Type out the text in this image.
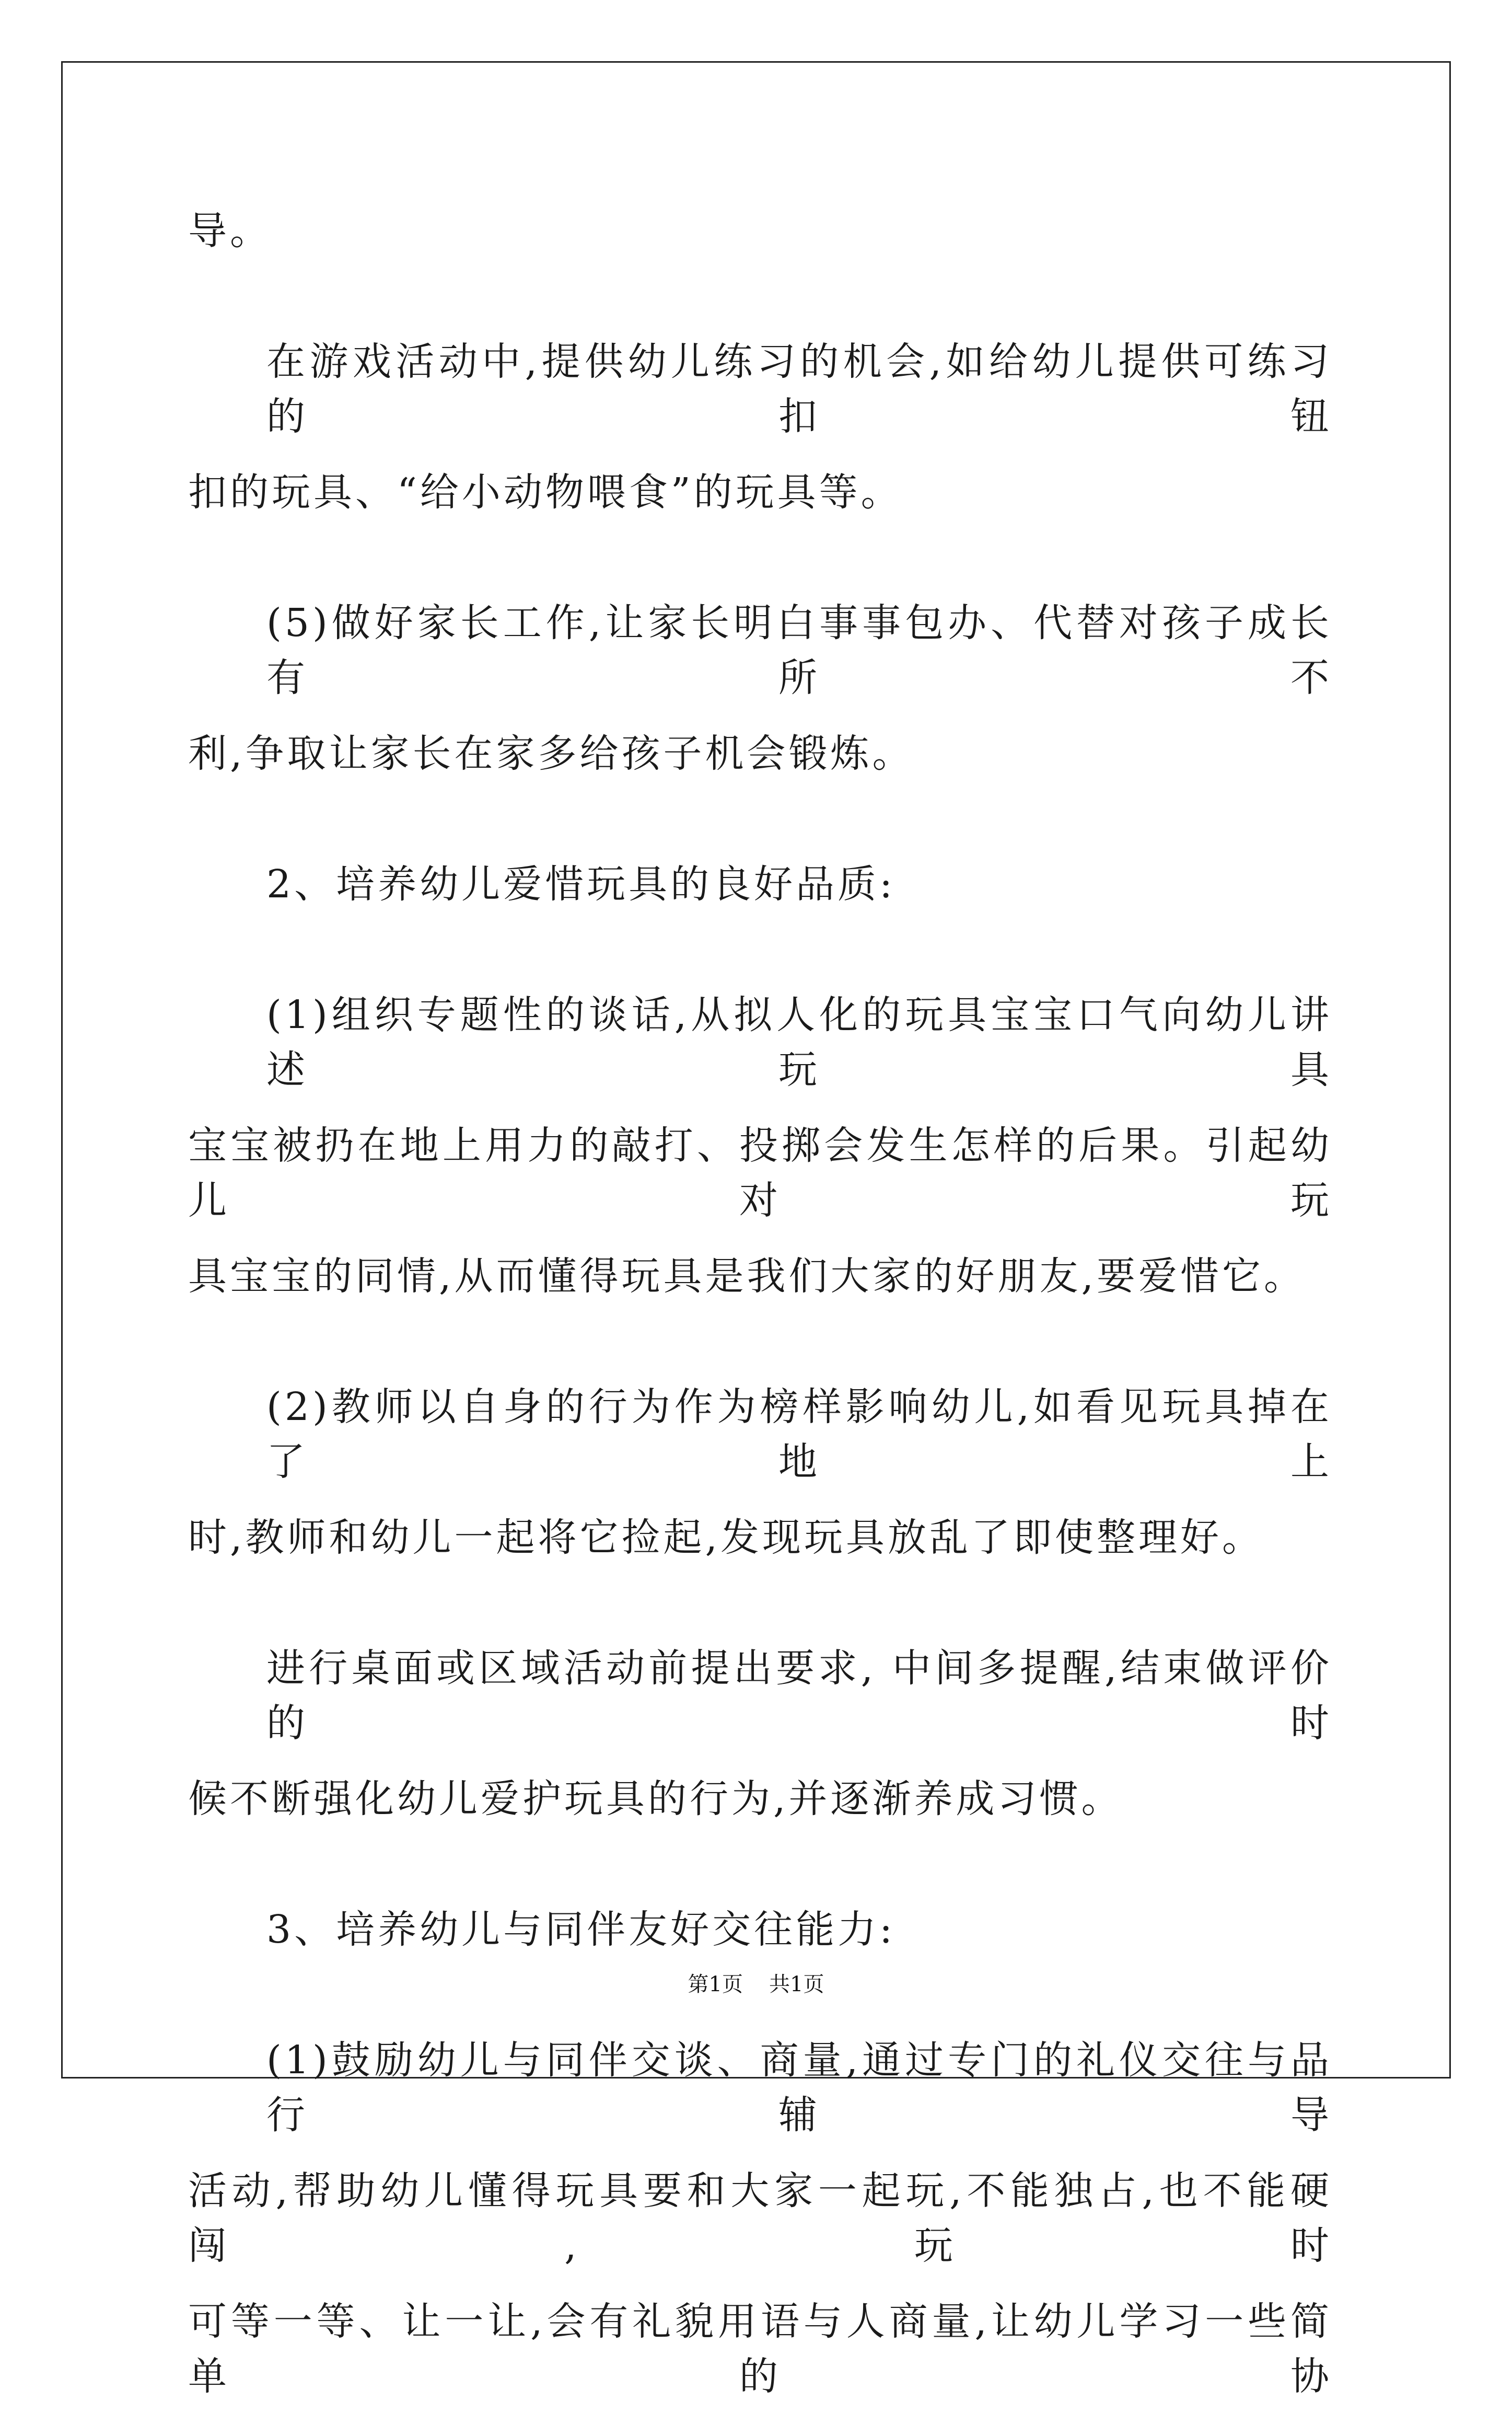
导。
在游戏活动中,提供幼儿练习的机会,如给幼儿提供可练习的扣钮
扣的玩具、“给小动物喂食”的玩具等。
(5)做好家长工作,让家长明白事事包办、代替对孩子成长有所不
利,争取让家长在家多给孩子机会锻炼。
2、培养幼儿爱惜玩具的良好品质:
(1)组织专题性的谈话,从拟人化的玩具宝宝口气向幼儿讲述玩具
宝宝被扔在地上用力的敲打、投掷会发生怎样的后果。引起幼儿对玩
具宝宝的同情,从而懂得玩具是我们大家的好朋友,要爱惜它。
(2)教师以自身的行为作为榜样影响幼儿,如看见玩具掉在了地上
时,教师和幼儿一起将它捡起,发现玩具放乱了即使整理好。
进行桌面或区域活动前提出要求, 中间多提醒,结束做评价的时
候不断强化幼儿爱护玩具的行为,并逐渐养成习惯。
3、培养幼儿与同伴友好交往能力:
(1)鼓励幼儿与同伴交谈、商量,通过专门的礼仪交往与品行辅导
活动,帮助幼儿懂得玩具要和大家一起玩,不能独占,也不能硬闯,玩时
可等一等、让一让,会有礼貌用语与人商量,让幼儿学习一些简单的协
第1页 共1页
